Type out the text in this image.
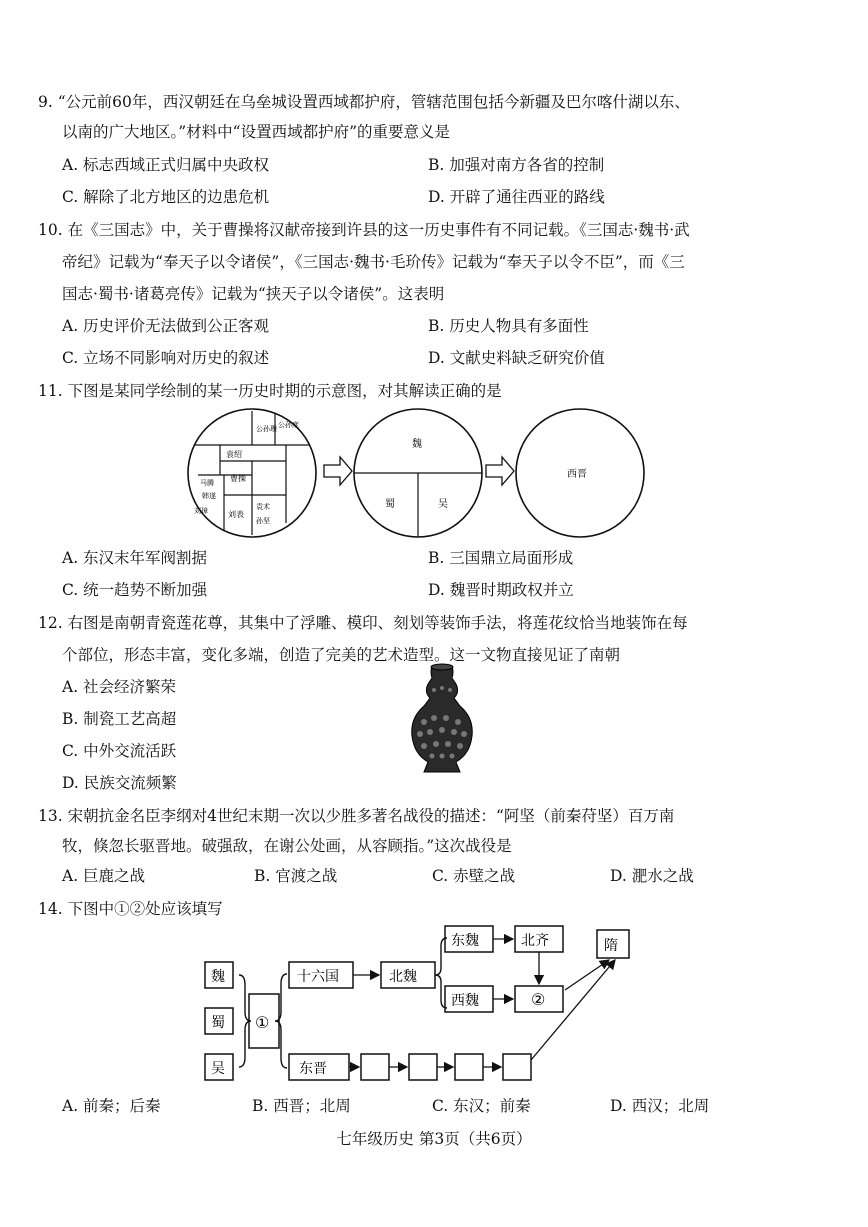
9. “公元前60年，西汉朝廷在乌垒城设置西域都护府，管辖范围包括今新疆及巴尔喀什湖以东、
以南的广大地区。”材料中“设置西域都护府”的重要意义是
A. 标志西域正式归属中央政权	B. 加强对南方各省的控制
C. 解除了北方地区的边患危机	D. 开辟了通往西亚的路线
10. 在《三国志》中，关于曹操将汉献帝接到许县的这一历史事件有不同记载。《三国志·魏书·武
帝纪》记载为“奉天子以令诸侯”，《三国志·魏书·毛玠传》记载为“奉天子以令不臣”，而《三
国志·蜀书·诸葛亮传》记载为“挟天子以令诸侯”。这表明
A. 历史评价无法做到公正客观	B. 历史人物具有多面性
C. 立场不同影响对历史的叙述	D. 文献史料缺乏研究价值
11. 下图是某同学绘制的某一历史时期的示意图，对其解读正确的是
公孙瓒 公孙度
袁绍
马腾
韩遂
曹操
刘璋	刘表
袁术
孙坚
魏
蜀	吴
西晋
A. 东汉末年军阀割据	B. 三国鼎立局面形成
C. 统一趋势不断加强	D. 魏晋时期政权并立
12. 右图是南朝青瓷莲花尊，其集中了浮雕、模印、刻划等装饰手法，将莲花纹恰当地装饰在每
个部位，形态丰富，变化多端，创造了完美的艺术造型。这一文物直接见证了南朝
A. 社会经济繁荣
B. 制瓷工艺高超
C. 中外交流活跃
D. 民族交流频繁
13. 宋朝抗金名臣李纲对4世纪末期一次以少胜多著名战役的描述：“阿坚（前秦苻坚）百万南
牧，倏忽长驱晋地。破强敌，在谢公处画，从容顾指。”这次战役是
A. 巨鹿之战	B. 官渡之战	C. 赤壁之战	D. 淝水之战
14. 下图中①②处应该填写
魏
蜀
吴
①
十六国	北魏
东魏	北齐
西魏	②
隋
东晋
A. 前秦；后秦	B. 西晋；北周	C. 东汉；前秦	D. 西汉；北周
七年级历史 第3页（共6页）
